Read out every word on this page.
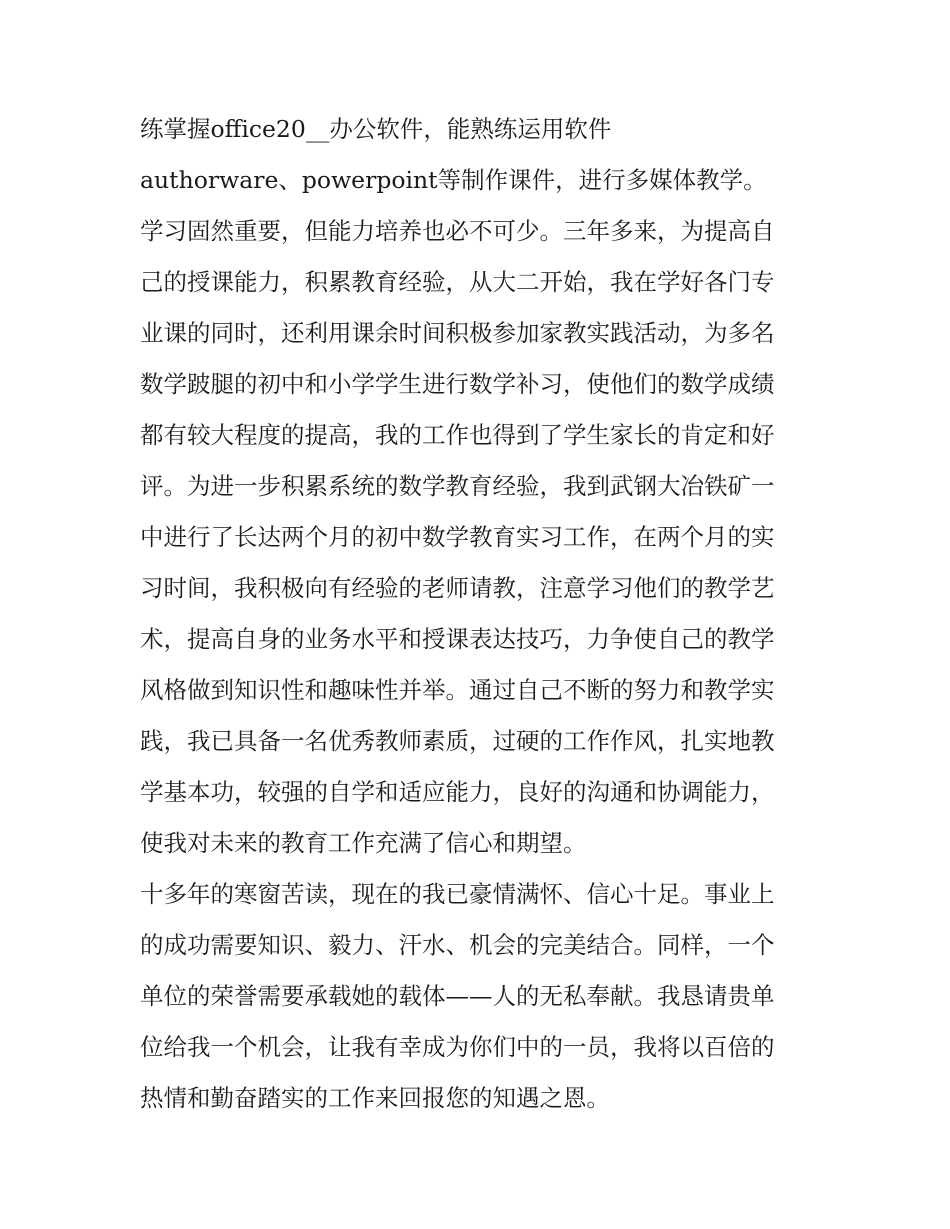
练掌握office20__办公软件，能熟练运用软件
authorware、powerpoint等制作课件，进行多媒体教学。
学习固然重要，但能力培养也必不可少。三年多来，为提高自
己的授课能力，积累教育经验，从大二开始，我在学好各门专
业课的同时，还利用课余时间积极参加家教实践活动，为多名
数学跛腿的初中和小学学生进行数学补习，使他们的数学成绩
都有较大程度的提高，我的工作也得到了学生家长的肯定和好
评。为进一步积累系统的数学教育经验，我到武钢大冶铁矿一
中进行了长达两个月的初中数学教育实习工作，在两个月的实
习时间，我积极向有经验的老师请教，注意学习他们的教学艺
术，提高自身的业务水平和授课表达技巧，力争使自己的教学
风格做到知识性和趣味性并举。通过自己不断的努力和教学实
践，我已具备一名优秀教师素质，过硬的工作作风，扎实地教
学基本功，较强的自学和适应能力，良好的沟通和协调能力，
使我对未来的教育工作充满了信心和期望。
十多年的寒窗苦读，现在的我已豪情满怀、信心十足。事业上
的成功需要知识、毅力、汗水、机会的完美结合。同样，一个
单位的荣誉需要承载她的载体——人的无私奉献。我恳请贵单
位给我一个机会，让我有幸成为你们中的一员，我将以百倍的
热情和勤奋踏实的工作来回报您的知遇之恩。
